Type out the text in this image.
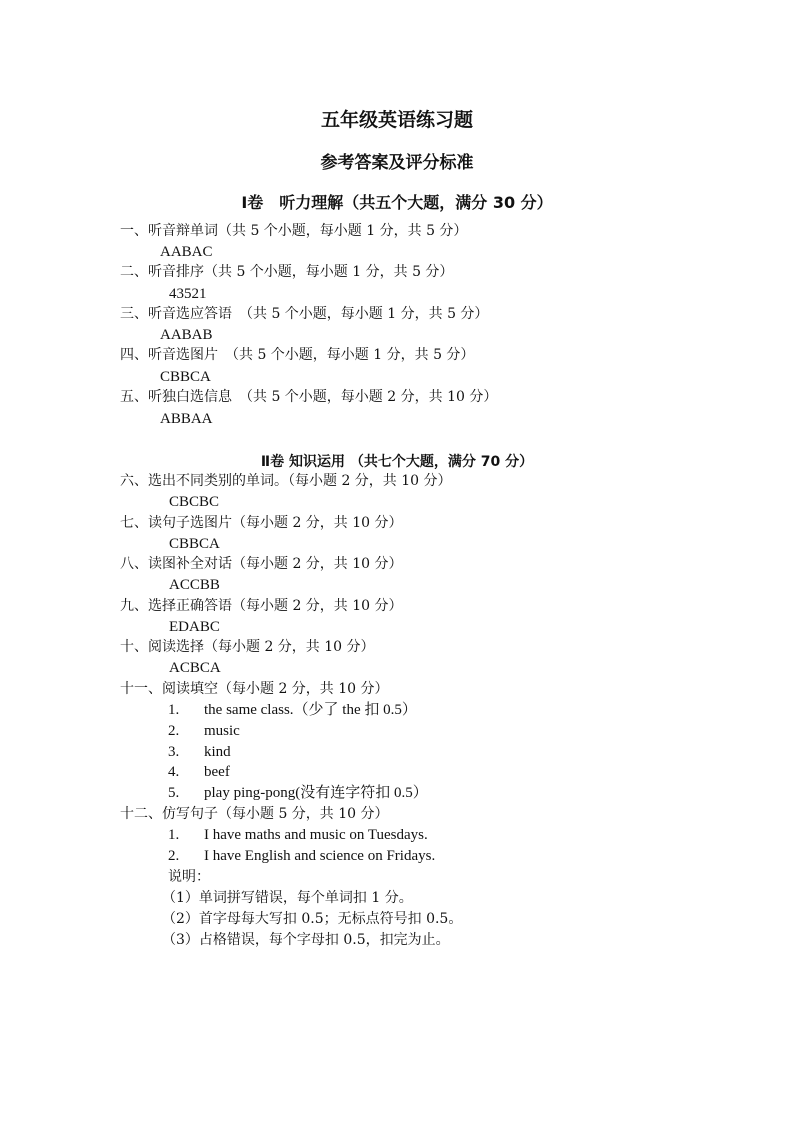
五年级英语练习题
参考答案及评分标准
Ⅰ卷　听力理解（共五个大题，满分 30 分）
一、听音辩单词（共 5 个小题，每小题 1 分，共 5 分）
AABAC
二、听音排序（共 5 个小题，每小题 1 分，共 5 分）
43521
三、听音选应答语　（共 5 个小题，每小题 1 分，共 5 分）
AABAB
四、听音选图片　（共 5 个小题，每小题 1 分，共 5 分）
CBBCA
五、听独白选信息　（共 5 个小题，每小题 2 分，共 10 分）
ABBAA
Ⅱ卷 知识运用 （共七个大题，满分 70 分）
六、选出不同类别的单词。（每小题 2 分，共 10 分）
CBCBC
七、读句子选图片（每小题 2 分，共 10 分）
CBBCA
八、读图补全对话（每小题 2 分，共 10 分）
ACCBB
九、选择正确答语（每小题 2 分，共 10 分）
EDABC
十、阅读选择（每小题 2 分，共 10 分）
ACBCA
十一、阅读填空（每小题 2 分，共 10 分）
1. the same class.（少了 the 扣 0.5）
2. music
3. kind
4. beef
5. play ping-pong(没有连字符扣 0.5）
十二、仿写句子（每小题 5 分，共 10 分）
1. I have maths and music on Tuesdays.
2. I have English and science on Fridays.
说明：
（1）单词拼写错误，每个单词扣 1 分。
（2）首字母每大写扣 0.5；无标点符号扣 0.5。
（3）占格错误，每个字母扣 0.5，扣完为止。
